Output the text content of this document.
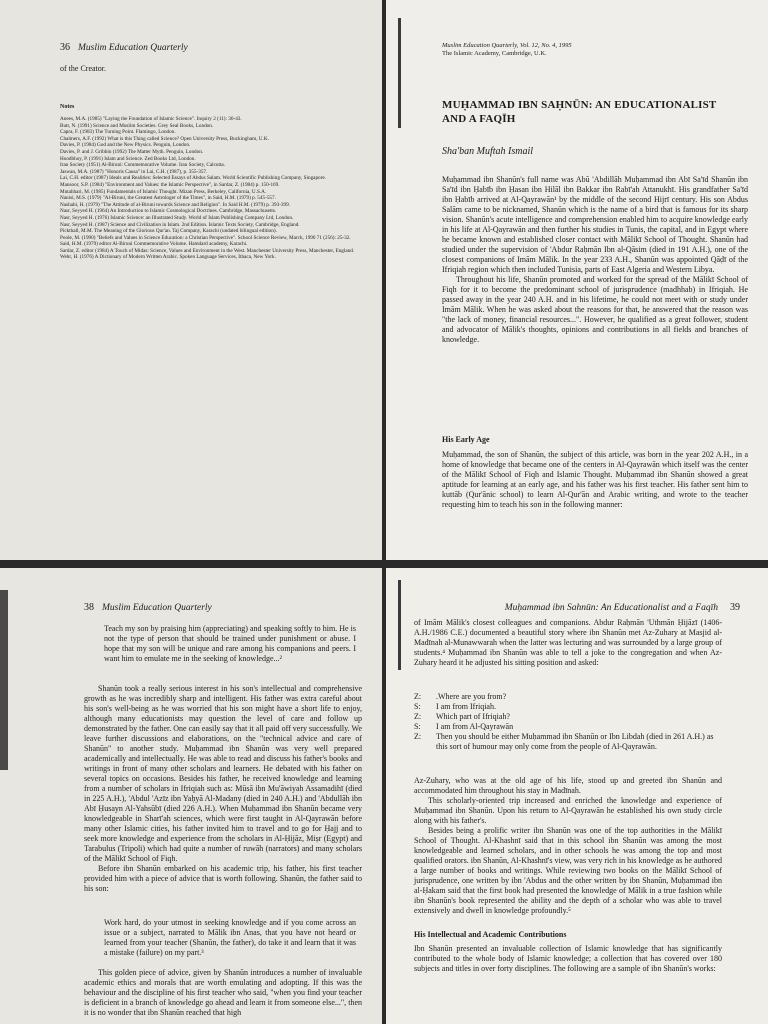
36 Muslim Education Quarterly

of the Creator.

Notes
Anees, M.A. (1985) "Laying the Foundation of Islamic Science". Inquiry 2 (11): 36-43.
Butt, N. (1991) Science and Muslim Societies. Grey Seal Books, London.
Capra, F. (1983) The Turning Point. Flamingo, London.
Chalmers, A.F. (1992) What is this Thing called Science? Open University Press, Buckingham, U.K.
Davies, P. (1984) God and the New Physics. Penguin, London.
Davies, P. and J. Gribbin (1992) The Matter Myth. Penguin, London.
Hoodbhoy, P. (1991) Islam and Science. Zed Books Ltd, London.
Iran Society (1951) Al-Biruni: Commemorative Volume. Iran Society, Calcutta.
Jaswan, M.A. (1987) "Honoris Causa" in Lai, C.H. (1987), p. 355-357.
Lai, C.H. editor (1987) Ideals and Realities: Selected Essays of Abdus Salam. World Scientific Publishing Company, Singapore.
Mansoor, S.P. (1984) "Environment and Values: the Islamic Perspective", in Sardar, Z. (1984) p. 150-169.
Mutahhari, M. (1985) Fundamentals of Islamic Thought. Mizan Press, Berkeley, California, U.S.A.
Nanisi, M.S. (1979) "Al-Biruni, the Greatest Astrologer of the Times", in Said, H.M. (1979) p. 545-557.
Nashabi, H. (1979) "The Attitude of al-Biruni towards Science and Religion". In Said H.M. (1979) p. 393-399.
Nasr, Seyyed H. (1964) An Introduction to Islamic Cosmological Doctrines. Cambridge, Massachusetts.
Nasr, Seyyed H. (1976) Islamic Science: an Illustrated Study. World of Islam Publishing Company Ltd, London.
Nasr, Seyyed H. (1987) Science and Civilization in Islam. 2nd Edition. Islamic Texts Society, Cambridge, England.
Pickthall, M.M. The Meaning of the Glorious Qur'an. Taj Company, Karachi (undated bilingual edition).
Poole, M. (1990) "Beliefs and Values in Science Education: a Christian Perspective". School Science Review, March, 1990 71 (256): 25-32.
Said, H.M. (1979) editor Al-Biruni Commemorative Volume. Hamdard academy, Karachi.
Sardar, Z. editor (1984) A Touch of Midas: Science, Values and Environment in the West. Manchester University Press, Manchester, England.
Wehr, H. (1976) A Dictionary of Modern Written Arabic. Spoken Language Services, Ithaca, New York.
Muslim Education Quarterly, Vol. 12, No. 4, 1995
The Islamic Academy, Cambridge, U.K.
MUḤAMMAD IBN SAḤNŪN: AN EDUCATIONALIST
AND A FAQĪH
Sha'ban Muftah Ismail

Muḥammad ibn Shanūn's full name was Abū 'Abdillāh Muḥammad ibn Abī Sa'īd Shanūn ibn Sa'īd ibn Ḥabīb ibn Ḥasan ibn Hilāl ibn Bakkar ibn Rabī'ah Attanukhī. His grandfather Sa'īd ibn Ḥabīb arrived at Al-Qayrawān¹ by the middle of the second Hijrī century. His son Abdus Salām came to be nicknamed, Shanūn which is the name of a bird that is famous for its sharp vision. Shanūn's acute intelligence and comprehension enabled him to acquire knowledge early in his life at Al-Qayrawān and then further his studies in Tunis, the capital, and in Egypt where he became known and established closer contact with Mālikī School of Thought. Shanūn had studied under the supervision of 'Abdur Raḥmān Ibn al-Qāsim (died in 191 A.H.), one of the closest companions of Imām Mālik. In the year 233 A.H., Shanūn was appointed Qāḍī of the Ifriqiah region which then included Tunisia, parts of East Algeria and Western Libya.

Throughout his life, Shanūn promoted and worked for the spread of the Mālikī School of Fiqh for it to become the predominant school of jurisprudence (madhhab) in Ifriqiah. He passed away in the year 240 A.H. and in his lifetime, he could not meet with or study under Imām Mālik. When he was asked about the reasons for that, he answered that the reason was "the lack of money, financial resources...". However, he qualified as a great follower, student and advocator of Mālik's thoughts, opinions and contributions in all fields and branches of knowledge.

His Early Age

Muḥammad, the son of Shanūn, the subject of this article, was born in the year 202 A.H., in a home of knowledge that became one of the centers in Al-Qayrawān which itself was the center of the Mālikī School of Fiqh and Islamic Thought. Muḥammad ibn Shanūn showed a great aptitude for learning at an early age, and his father was his first teacher. His father sent him to kuttāb (Qur'ānic school) to learn Al-Qur'ān and Arabic writing, and wrote to the teacher requesting him to teach his son in the following manner:

38 Muslim Education Quarterly
Teach my son by praising him (appreciating) and speaking softly to him. He is not the type of person that should be trained under punishment or abuse. I hope that my son will be unique and rare among his companions and peers. I want him to emulate me in the seeking of knowledge...²

Shanūn took a really serious interest in his son's intellectual and comprehensive growth as he was incredibly sharp and intelligent. His father was extra careful about his son's well-being as he was worried that his son might have a short life to enjoy, although many educationists may question the level of care and follow up demonstrated by the father. One can easily say that it all paid off very successfully. We leave further discussions and elaborations, on the "technical advice and care of Shanūn" to another study. Muḥammad ibn Shanūn was very well prepared academically and intellectually. He was able to read and discuss his father's books and writings in front of many other scholars and learners. He debated with his father on several topics on occasions. Besides his father, he received knowledge and learning from a number of scholars in Ifriqiah such as: Mūsā ibn Mu'āwiyah Assamadihī (died in 225 A.H.), 'Abdul 'Azīz ibn Yaḥyā Al-Madany (died in 240 A.H.) and 'Abdullāh ibn Abī Ḥusayn Al-Yahsūbī (died 226 A.H.). When Muḥammad ibn Shanūn became very knowledgeable in Sharī'ah sciences, which were first taught in Al-Qayrawān before many other Islamic cities, his father invited him to travel and to go for Ḥajj and to seek more knowledge and experience from the scholars in Al-Ḥijāz, Miṣr (Egypt) and Tarabulus (Tripoli) which had quite a number of ruwāh (narrators) and many scholars of the Mālikī School of Fiqh.

Before ibn Shanūn embarked on his academic trip, his father, his first teacher provided him with a piece of advice that is worth following. Shanūn, the father said to his son:

Work hard, do your utmost in seeking knowledge and if you come across an issue or a subject, narrated to Mālik ibn Anas, that you have not heard or learned from your teacher (Shanūn, the father), do take it and learn that it was a mistake (failure) on my part.³

This golden piece of advice, given by Shanūn introduces a number of invaluable academic ethics and morals that are worth emulating and adopting. If this was the behaviour and the discipline of his first teacher who said, "when you find your teacher is deficient in a branch of knowledge go ahead and learn it from someone else...", then it is no wonder that ibn Shanūn reached that high

Muḥammad ibn Sahnūn: An Educationalist and a Faqīh 39

of Imām Mālik's closest colleagues and companions. Abdur Raḥmān 'Uthmān Ḥijāzī (1406-A.H./1986 C.E.) documented a beautiful story where ibn Shanūn met Az-Zuhary at Masjid al-Madīnah al-Munawwarah when the latter was lecturing and was surrounded by a large group of students.⁴ Muḥammad ibn Shanūn was able to tell a joke to the congregation and when Az-Zuhary heard it he adjusted his sitting position and asked:

Z:	.Where are you from?
S:	I am from Ifriqiah.
Z:	Which part of Ifriqiah?
S:	I am from Al-Qayrawān
Z:	Then you should be either Muḥammad ibn Shanūn or Ibn Libdah (died in 261 A.H.) as this sort of humour may only come from the people of Al-Qayrawān.

Az-Zuhary, who was at the old age of his life, stood up and greeted ibn Shanūn and accommodated him throughout his stay in Madīnah.

This scholarly-oriented trip increased and enriched the knowledge and experience of Muḥammad ibn Shanūn. Upon his return to Al-Qayrawān he established his own study circle along with his father's.

Besides being a prolific writer ibn Shanūn was one of the top authorities in the Mālikī School of Thought. Al-Khashnī said that in this school ibn Shanūn was among the most knowledgeable and learned scholars, and in other schools he was among the top and most qualified orators. ibn Shanūn, Al-Khashnī's view, was very rich in his knowledge as he authored a large number of books and writings. While reviewing two books on the Mālikī School of jurisprudence, one written by ibn 'Abdus and the other written by ibn Shanūn, Muḥammad ibn al-Ḥakam said that the first book had presented the knowledge of Mālik in a true fashion while ibn Shanūn's book represented the ability and the depth of a scholar who was able to travel extensively and dwell in knowledge profoundly.⁵

His Intellectual and Academic Contributions

Ibn Shanūn presented an invaluable collection of Islamic knowledge that has significantly contributed to the whole body of Islamic knowledge; a collection that has covered over 180 subjects and titles in over forty disciplines. The following are a sample of ibn Shanūn's works:
